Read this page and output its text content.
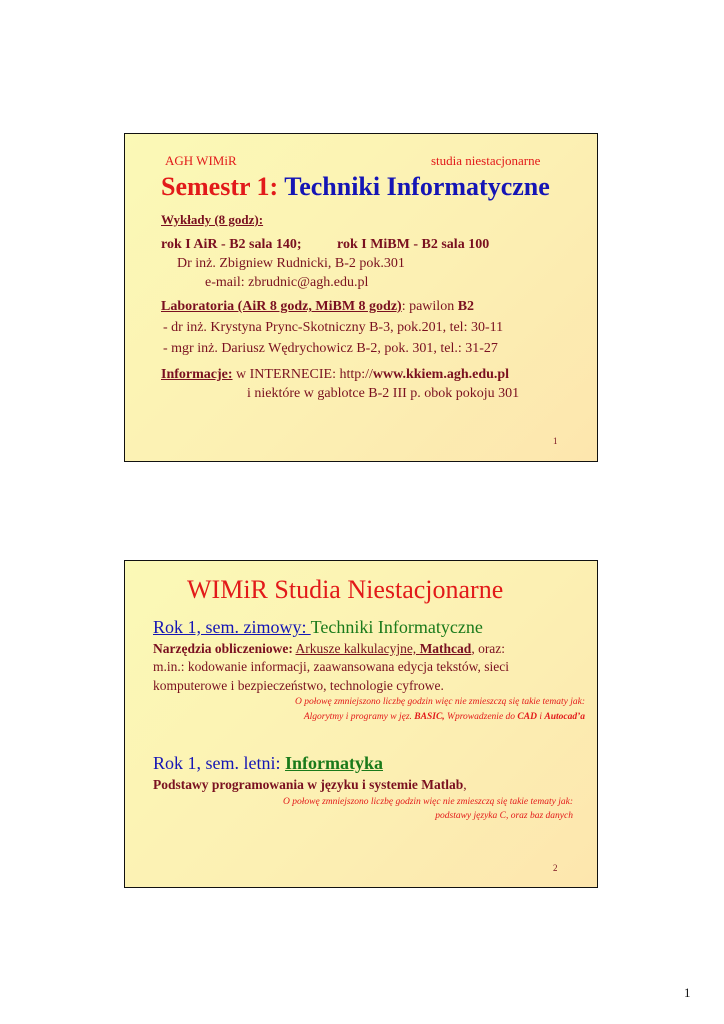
AGH WIMiR	studia niestacjonarne
Semestr 1: Techniki Informatyczne
Wykłady (8 godz):
rok I AiR - B2 sala 140;	rok I MiBM - B2 sala 100
Dr inż. Zbigniew Rudnicki, B-2 pok.301
e-mail: zbrudnic@agh.edu.pl
Laboratoria (AiR 8 godz, MiBM 8 godz): pawilon B2
- dr inż. Krystyna Prync-Skotniczny B-3, pok.201, tel: 30-11
- mgr inż. Dariusz Wędrychowicz B-2, pok. 301, tel.: 31-27
Informacje: w INTERNECIE: http://www.kkiem.agh.edu.pl
i niektóre w gablotce B-2 III p. obok pokoju 301
1
WIMiR Studia Niestacjonarne
Rok 1, sem. zimowy: Techniki Informatyczne
Narzędzia obliczeniowe: Arkusze kalkulacyjne, Mathcad, oraz:
m.in.: kodowanie informacji, zaawansowana edycja tekstów, sieci
komputerowe i bezpieczeństwo, technologie cyfrowe.
O połowę zmniejszono liczbę godzin więc nie zmieszczą się takie tematy jak:
Algorytmy i programy w jęz. BASIC, Wprowadzenie do CAD i Autocad’a
Rok 1, sem. letni: Informatyka
Podstawy programowania w języku i systemie Matlab,
O połowę zmniejszono liczbę godzin więc nie zmieszczą się takie tematy jak:
podstawy języka C, oraz baz danych
2
1
